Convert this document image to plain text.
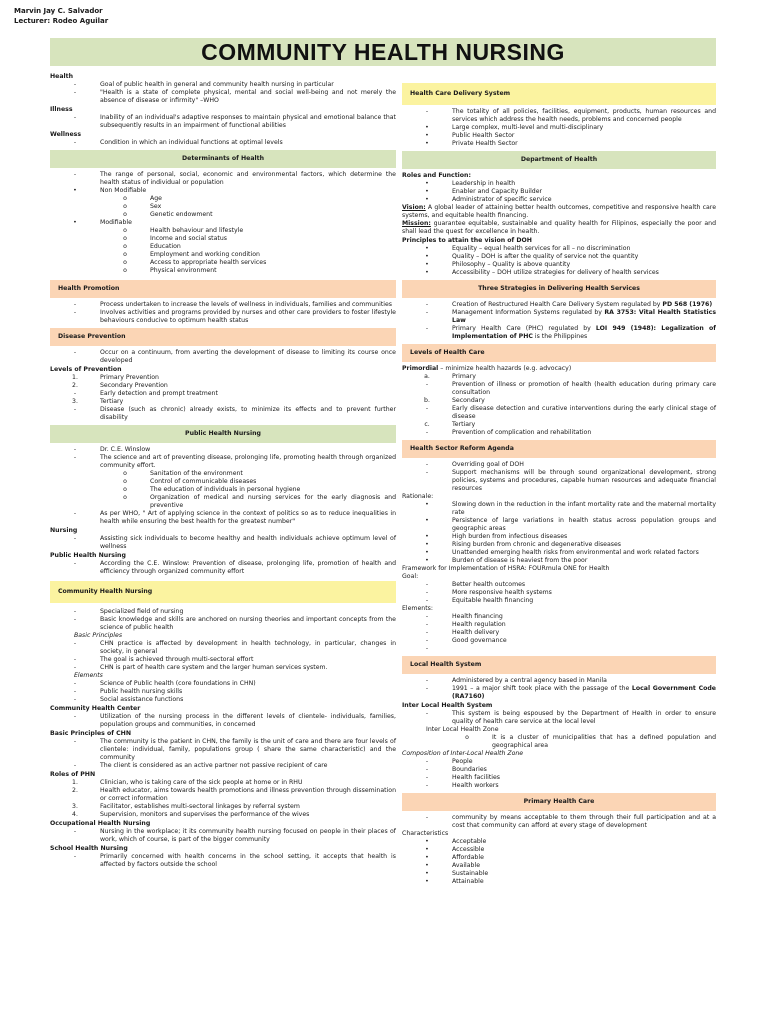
Marvin Jay C. Salvador
Lecturer: Rodeo Aguilar
COMMUNITY HEALTH NURSING
Health
-	Goal of public health in general and community health nursing in particular
-	"Health is a state of complete physical, mental and social well-being and not merely the absence of disease or infirmity" –WHO
Illness
-	Inability of an individual's adaptive responses to maintain physical and emotional balance that subsequently results in an impairment of functional abilities
Wellness
-	Condition in which an individual functions at optimal levels
Determinants of Health
-	The range of personal, social, economic and environmental factors, which determine the health status of individual or population
•	Non Modifiable
o	Age
o	Sex
o	Genetic endowment
•	Modifiable
o	Health behaviour and lifestyle
o	Income and social status
o	Education
o	Employment and working condition
o	Access to appropriate health services
o	Physical environment
Health Promotion
-	Process undertaken to increase the levels of wellness in individuals, families and communities
-	Involves activities and programs provided by nurses and other care providers to foster lifestyle behaviours conducive to optimum health status
Disease Prevention
-	Occur on a continuum, from averting the development of disease to limiting its course once developed
Levels of Prevention
1.	Primary Prevention
2.	Secondary Prevention
-	Early detection and prompt treatment
3.	Tertiary
-	Disease (such as chronic) already exists, to minimize its effects and to prevent further disability
Public Health Nursing
-	Dr. C.E. Winslow
-	The science and art of preventing disease, prolonging life, promoting health through organized community effort.
o	Sanitation of the environment
o	Control of communicable diseases
o	The education of individuals in personal hygiene
o	Organization of medical and nursing services for the early diagnosis and preventive
-	As per WHO, " Art of applying science in the context of politics so as to reduce inequalities in health while ensuring the best health for the greatest number"
Nursing
-	Assisting sick individuals to become healthy and health individuals achieve optimum level of wellness
Public Health Nursing
-	According the C.E. Winslow: Prevention of disease, prolonging life, promotion of health and efficiency through organized community effort
Community Health Nursing
-	Specialized field of nursing
-	Basic knowledge and skills are anchored on nursing theories and important concepts from the science of public health
Basic Principles
-	CHN practice is affected by development in health technology, in particular, changes in society, in general
-	The goal is achieved through multi-sectoral effort
-	CHN is part of health care system and the larger human services system.
Elements
-	Science of Public health (core foundations in CHN)
-	Public health nursing skills
-	Social assistance functions
Community Health Center
-	Utilization of the nursing process in the different levels of clientele- individuals, families, population groups and communities, in concerned
Basic Principles of CHN
-	The community is the patient in CHN, the family is the unit of care and there are four levels of clientele: individual, family, populations group ( share the same characteristic) and the community
-	The client is considered as an active partner not passive recipient of care
Roles of PHN
1.	Clinician, who is taking care of the sick people at home or in RHU
2.	Health educator, aims towards health promotions and illness prevention through dissemination or correct information
3.	Facilitator, establishes multi-sectoral linkages by referral system
4.	Supervision, monitors and supervises the performance of the wives
Occupational Health Nursing
-	Nursing in the workplace; it its community health nursing focused on people in their places of work, which of course, is part of the bigger community
School Health Nursing
-	Primarily concerned with health concerns in the school setting, it accepts that health is affected by factors outside the school
Health Care Delivery System
-	The totality of all policies, facilities, equipment, products, human resources and services which address the health needs, problems and concerned people
•	Large complex, multi-level and multi-disciplinary
•	Public Health Sector
•	Private Health Sector
Department of Health
Roles and Function:
•	Leadership in health
•	Enabler and Capacity Builder
•	Administrator of specific service
Vision: A global leader of attaining better health outcomes, competitive and responsive health care systems, and equitable health financing.
Mission: guarantee equitable, sustainable and quality health for Filipinos, especially the poor and shall lead the quest for excellence in health.
Principles to attain the vision of DOH
•	Equality – equal health services for all – no discrimination
•	Quality – DOH is after the quality of service not the quantity
•	Philosophy – Quality is above quantity
•	Accessibility – DOH utilize strategies for delivery of health services
Three Strategies in Delivering Health Services
-	Creation of Restructured Health Care Delivery System regulated by PD 568 (1976)
-	Management Information Systems regulated by RA 3753: Vital Health Statistics Law
-	Primary Health Care (PHC) regulated by LOI 949 (1948): Legalization of Implementation of PHC is the Philippines
Levels of Health Care
Primordial – minimize health hazards (e.g. advocacy)
a.	Primary
-	Prevention of illness or promotion of health (health education during primary care consultation
b.	Secondary
-	Early disease detection and curative interventions during the early clinical stage of disease
c.	Tertiary
-	Prevention of complication and rehabilitation
Health Sector Reform Agenda
-	Overriding goal of DOH
-	Support mechanisms will be through sound organizational development, strong policies, systems and procedures, capable human resources and adequate financial resources
Rationale:
•	Slowing down in the reduction in the infant mortality rate and the maternal mortality rate
•	Persistence of large variations in health status across population groups and geographic areas
•	High burden from infectious diseases
•	Rising burden from chronic and degenerative diseases
•	Unattended emerging health risks from environmental and work related factors
•	Burden of disease is heaviest from the poor
Framework for Implementation of HSRA: FOURmula ONE for Health
Goal:
-	Better health outcomes
-	More responsive health systems
-	Equitable health financing
Elements:
-	Health financing
-	Health regulation
-	Health delivery
-	Good governance
-
Local Health System
-	Administered by a central agency based in Manila
-	1991 – a major shift took place with the passage of the Local Government Code (RA7160)
Inter Local Health System
-	This system is being espoused by the Department of Health in order to ensure quality of health care service at the local level
Inter Local Health Zone
o	It is a cluster of municipalities that has a defined population and geographical area
Composition of Inter-Local Health Zone
-	People
-	Boundaries
-	Health facilities
-	Health workers
Primary Health Care
-	community by means acceptable to them through their full participation and at a cost that community can afford at every stage of development
Characteristics
•	Acceptable
•	Accessible
•	Affordable
•	Available
•	Sustainable
•	Attainable
